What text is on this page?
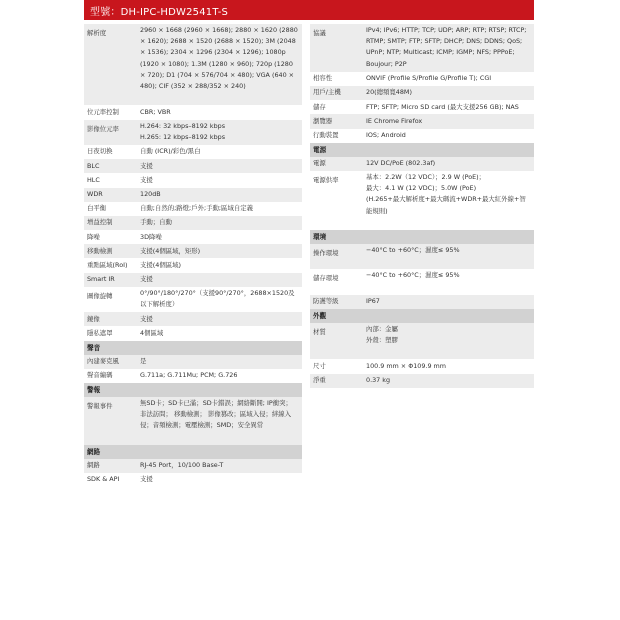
型號：DH-IPC-HDW2541T-S
解析度	2960 × 1668 (2960 × 1668); 2880 × 1620 (2880 × 1620); 2688 × 1520 (2688 × 1520); 3M (2048 × 1536); 2304 × 1296 (2304 × 1296); 1080p (1920 × 1080); 1.3M (1280 × 960); 720p (1280 × 720); D1 (704 × 576/704 × 480); VGA (640 × 480); CIF (352 × 288/352 × 240)
位元率控制	CBR; VBR
影像位元率	H.264: 32 kbps–8192 kbps
H.265: 12 kbps–8192 kbps
日夜切換	自動 (ICR)/彩色/黑白
BLC	支援
HLC	支援
WDR	120dB
白平衡	自動;自然的;路燈;戶外;手動;區域自定義
增益控制	手動；自動
降噪	3D降噪
移動檢測	支援(4個區域，矩形)
重點區域(RoI)	支援(4個區域)
Smart IR	支援
圖像旋轉	0°/90°/180°/270°（支援90°/270°，2688×1520及以下解析度）
鏡像	支援
隱私遮罩	4個區域
聲音
內建麥克風	是
聲音編碼	G.711a; G.711Mu; PCM; G.726
警報
警報事件	無SD卡；SD卡已滿；SD卡錯誤；網絡斷開; IP衝突； 非法訪問； 移動檢測； 影像篡改；區域入侵；絆線入侵；音頻檢測；電壓檢測；SMD；安全異常
網路
網路	RJ-45 Port，10/100 Base-T
SDK & API	支援
協議	IPv4; IPv6; HTTP; TCP; UDP; ARP; RTP; RTSP; RTCP; RTMP; SMTP; FTP; SFTP; DHCP; DNS; DDNS; QoS; UPnP; NTP; Multicast; ICMP; IGMP; NFS; PPPoE; Boujour; P2P
相容性	ONVIF (Profile S/Profile G/Profile T); CGI
用戶/主機	20(總頻寬48M)
儲存	FTP; SFTP; Micro SD card (最大支援256 GB); NAS
瀏覽器	IE Chrome Firefox
行動裝置	IOS; Android
電源
電源	12V DC/PoE (802.3af)
電源供率	基本：2.2W（12 VDC）；2.9 W (PoE)；
最大：4.1 W (12 VDC)；5.0W (PoE)
(H.265+最大解析度+最大碼流+WDR+最大紅外線+智能規則)
環境
操作環境	−40°C to +60°C；濕度≤ 95%
儲存環境	−40°C to +60°C；濕度≤ 95%
防護等級	IP67
外觀
材質	內部：金屬
外殼：塑膠
尺寸	100.9 mm × Φ109.9 mm
淨重	0.37 kg
